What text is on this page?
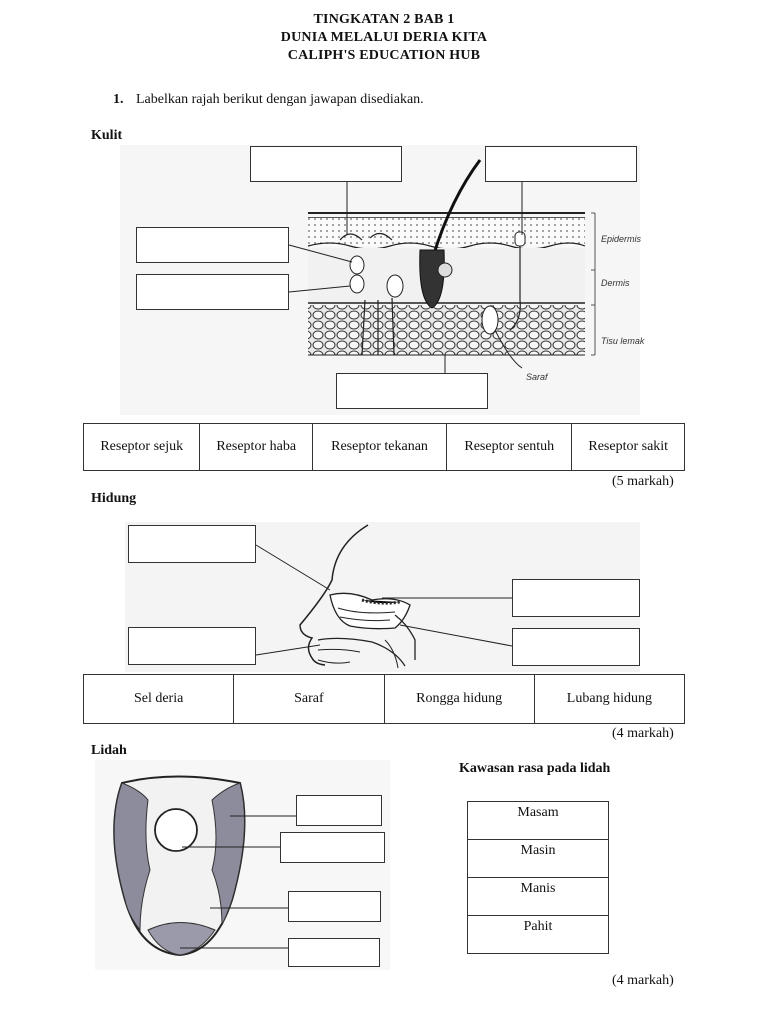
TINGKATAN 2 BAB 1
DUNIA MELALUI DERIA KITA
CALIPH'S EDUCATION HUB
1. Labelkan rajah berikut dengan jawapan disediakan.
Kulit
Epidermis
Dermis
Tisu lemak
Saraf
Reseptor sejuk	Reseptor haba	Reseptor tekanan	Reseptor sentuh	Reseptor sakit
(5 markah)
Hidung
Sel deria	Saraf	Rongga hidung	Lubang hidung
(4 markah)
Lidah
Kawasan rasa pada lidah
Masam
Masin
Manis
Pahit
(4 markah)
